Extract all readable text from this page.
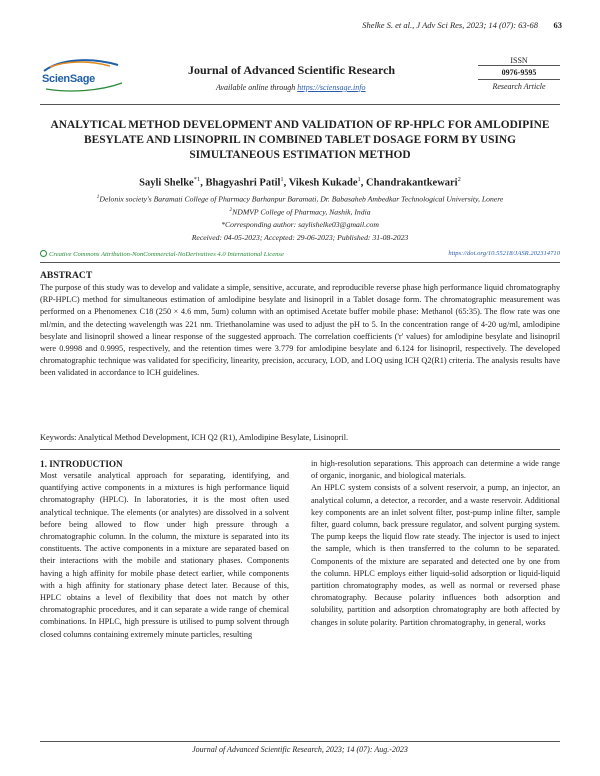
Shelke S. et al., J Adv Sci Res, 2023; 14 (07): 63-68 63
ScienSage
Journal of Advanced Scientific Research
Available online through https://sciensage.info
ISSN
0976-9595
Research Article
ANALYTICAL METHOD DEVELOPMENT AND VALIDATION OF RP-HPLC FOR AMLODIPINE BESYLATE AND LISINOPRIL IN COMBINED TABLET DOSAGE FORM BY USING SIMULTANEOUS ESTIMATION METHOD
Sayli Shelke$^{*1}$, Bhagyashri Patil$^1$, Vikesh Kukade$^1$, Chandrakantkewari$^2$
$^1$Delonix society's Baramati College of Pharmacy Barhanpur Baramati, Dr. Babasaheb Ambedkar Technological University, Lonere
$^2$NDMVP College of Pharmacy, Nashik, India
*Corresponding author: saylishelke03@gmail.com
Received: 04-05-2023; Accepted: 29-06-2023; Published: 31-08-2023
Creative Commons Attribution-NonCommercial-NoDerivatives 4.0 International License	https://doi.org/10.55218/JASR.202314710
ABSTRACT
The purpose of this study was to develop and validate a simple, sensitive, accurate, and reproducible reverse phase high performance liquid chromatography (RP-HPLC) method for simultaneous estimation of amlodipine besylate and lisinopril in a Tablet dosage form. The chromatographic measurement was performed on a Phenomenex C18 (250 × 4.6 mm, 5um) column with an optimised Acetate buffer mobile phase: Methanol (65:35). The flow rate was one ml/min, and the detecting wavelength was 221 nm. Triethanolamine was used to adjust the pH to 5. In the concentration range of 4-20 ug/ml, amlodipine besylate and lisinopril showed a linear response of the suggested approach. The correlation coefficients ('r' values) for amlodipine besylate and lisinopril were 0.9998 and 0.9995, respectively, and the retention times were 3.779 for amlodipine besylate and 6.124 for lisinopril, respectively. The developed chromatographic technique was validated for specificity, linearity, precision, accuracy, LOD, and LOQ using ICH Q2(R1) criteria. The analysis results have been validated in accordance to ICH guidelines.
Keywords: Analytical Method Development, ICH Q2 (R1), Amlodipine Besylate, Lisinopril.
1. INTRODUCTION

Most versatile analytical approach for separating, identifying, and quantifying active components in a mixtures is high performance liquid chromatography (HPLC). In laboratories, it is the most often used analytical technique. The elements (or analytes) are dissolved in a solvent before being allowed to flow under high pressure through a chromatographic column. In the column, the mixture is separated into its constituents. The active components in a mixture are separated based on their interactions with the mobile and stationary phases. Components having a high affinity for mobile phase detect earlier, while components with a high affinity for stationary phase detect later. Because of this, HPLC obtains a level of flexibility that does not match by other chromatographic procedures, and it can separate a wide range of chemical combinations. In HPLC, high pressure is utilised to pump solvent through closed columns containing extremely minute particles, resulting

in high-resolution separations. This approach can determine a wide range of organic, inorganic, and biological materials.

An HPLC system consists of a solvent reservoir, a pump, an injector, an analytical column, a detector, a recorder, and a waste reservoir. Additional key components are an inlet solvent filter, post-pump inline filter, sample filter, guard column, back pressure regulator, and solvent purging system. The pump keeps the liquid flow rate steady. The injector is used to inject the sample, which is then transferred to the column to be separated. Components of the mixture are separated and detected one by one from the column. HPLC employs either liquid-solid adsorption or liquid-liquid partition chromatography modes, as well as normal or reversed phase chromatography. Because polarity influences both adsorption and solubility, partition and adsorption chromatography are both affected by changes in solute polarity. Partition chromatography, in general, works

Journal of Advanced Scientific Research, 2023; 14 (07): Aug.-2023
